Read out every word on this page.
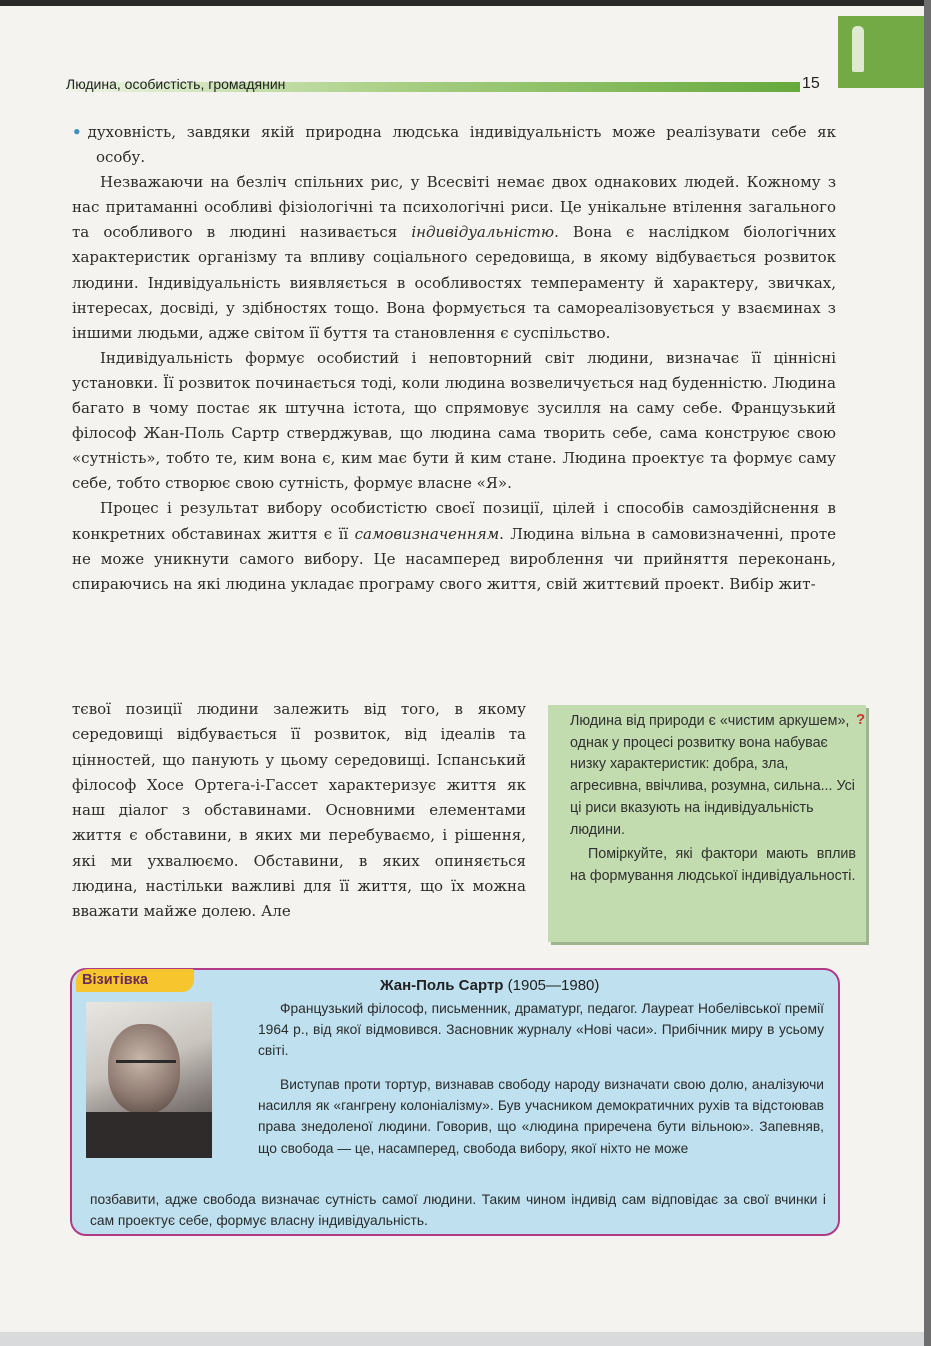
Людина, особистість, громадянин	15

• духовність, завдяки якій природна людська індивідуальність може реалізувати себе як особу.

Незважаючи на безліч спільних рис, у Всесвіті немає двох однакових людей. Кожному з нас притаманні особливі фізіологічні та психологічні риси. Це унікальне втілення загального та особливого в людині називається індивідуальністю. Вона є наслідком біологічних характеристик організму та впливу соціального середовища, в якому відбувається розвиток людини. Індивідуальність виявляється в особливостях темпераменту й характеру, звичках, інтересах, досвіді, у здібностях тощо. Вона формується та самореалізовується у взаєминах з іншими людьми, адже світом її буття та становлення є суспільство.

Індивідуальність формує особистий і неповторний світ людини, визначає її ціннісні установки. Її розвиток починається тоді, коли людина возвеличується над буденністю. Людина багато в чому постає як штучна істота, що спрямовує зусилля на саму себе. Французький філософ Жан-Поль Сартр стверджував, що людина сама творить себе, сама конструює свою «сутність», тобто те, ким вона є, ким має бути й ким стане. Людина проектує та формує саму себе, тобто створює свою сутність, формує власне «Я».

Процес і результат вибору особистістю своєї позиції, цілей і способів самоздійснення в конкретних обставинах життя є її самовизначенням. Людина вільна в самовизначенні, проте не може уникнути самого вибору. Це насамперед вироблення чи прийняття переконань, спираючись на які людина укладає програму свого життя, свій життєвий проект. Вибір жит-

тєвої позиції людини залежить від того, в якому середовищі відбувається її розвиток, від ідеалів та цінностей, що панують у цьому середовищі. Іспанський філософ Хосе Ортега-і-Гассет характеризує життя як наш діалог з обставинами. Основними елементами життя є обставини, в яких ми перебуваємо, і рішення, які ми ухвалюємо. Обставини, в яких опиняється людина, настільки важливі для її життя, що їх можна вважати майже долею. Але
?

Людина від природи є «чистим аркушем», однак у процесі розвитку вона набуває низку характеристик: добра, зла, агресивна, ввічлива, розумна, сильна... Усі ці риси вказують на індивідуальність людини.

Поміркуйте, які фактори мають вплив на формування людської індивідуальності.

Візитівка	Жан-Поль Сартр (1905—1980)

Французький філософ, письменник, драматург, педагог. Лауреат Нобелівської премії 1964 р., від якої відмовився. Засновник журналу «Нові часи». Прибічник миру в усьому світі.

Виступав проти тортур, визнавав свободу народу визначати свою долю, аналізуючи насилля як «гангрену колоніалізму». Був учасником демократичних рухів та відстоював права знедоленої людини. Говорив, що «людина приречена бути вільною». Запевняв, що свобода — це, насамперед, свобода вибору, якої ніхто не може

позбавити, адже свобода визначає сутність самої людини. Таким чином індивід сам відповідає за свої вчинки і сам проектує себе, формує власну індивідуальність.
